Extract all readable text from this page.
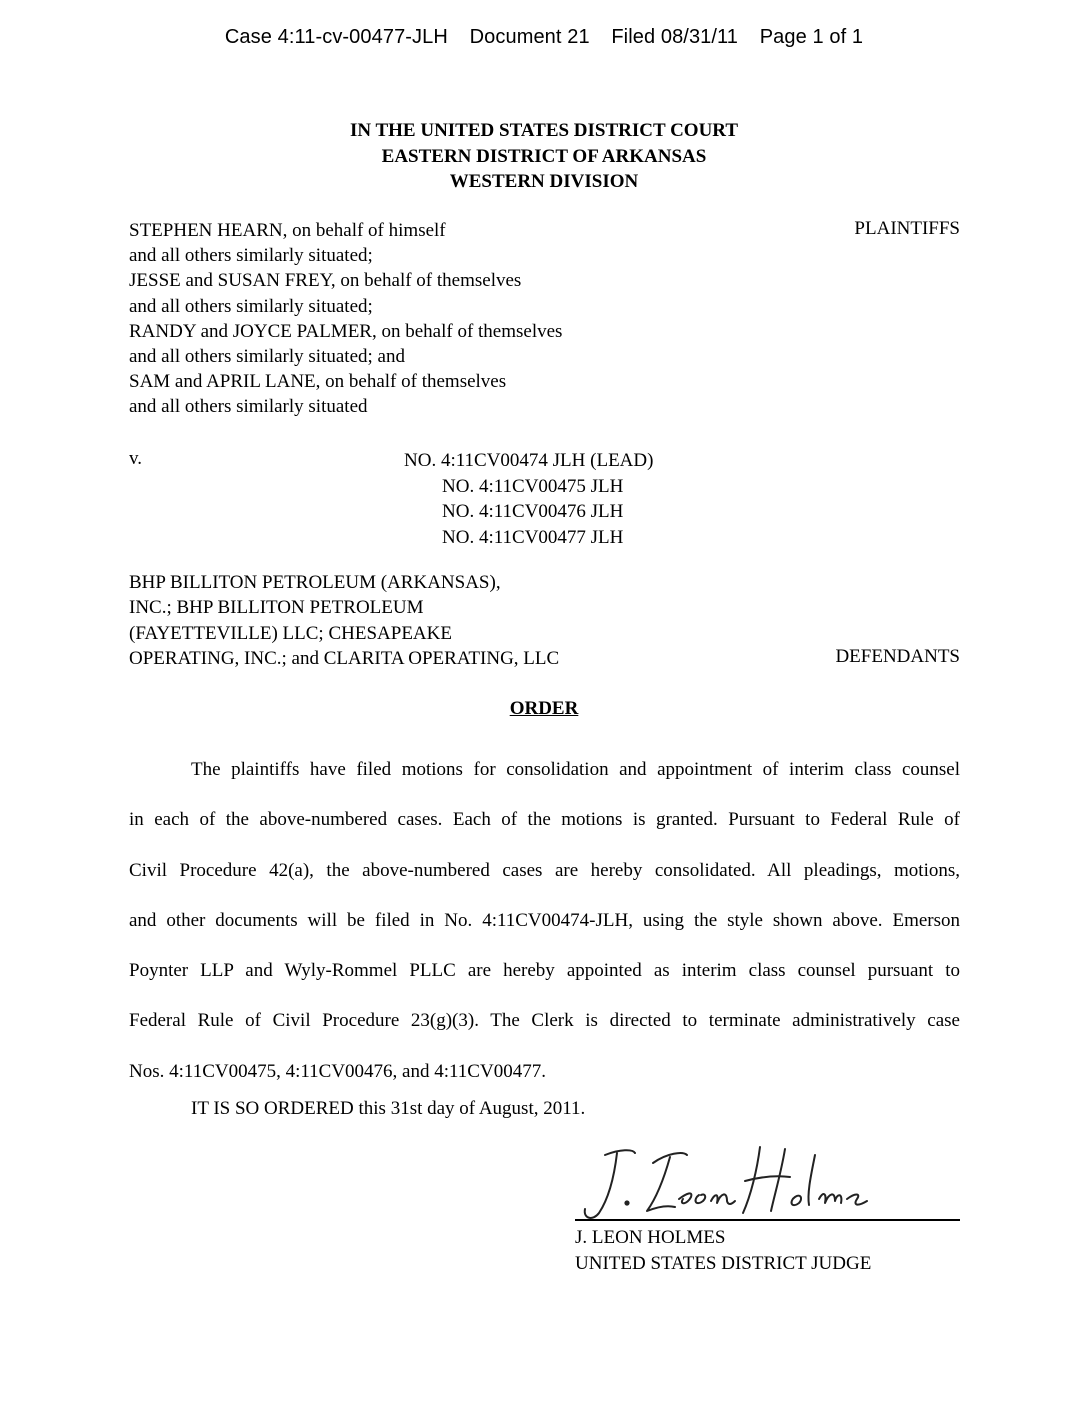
Case 4:11-cv-00477-JLH Document 21 Filed 08/31/11 Page 1 of 1
IN THE UNITED STATES DISTRICT COURT
EASTERN DISTRICT OF ARKANSAS
WESTERN DIVISION
STEPHEN HEARN, on behalf of himself
and all others similarly situated;
JESSE and SUSAN FREY, on behalf of themselves
and all others similarly situated;
RANDY and JOYCE PALMER, on behalf of themselves
and all others similarly situated; and
SAM and APRIL LANE, on behalf of themselves
and all others similarly situated
PLAINTIFFS
v.	NO. 4:11CV00474 JLH (LEAD)
NO. 4:11CV00475 JLH
NO. 4:11CV00476 JLH
NO. 4:11CV00477 JLH
BHP BILLITON PETROLEUM (ARKANSAS),
INC.; BHP BILLITON PETROLEUM
(FAYETTEVILLE) LLC; CHESAPEAKE
OPERATING, INC.; and CLARITA OPERATING, LLC	DEFENDANTS
ORDER
The plaintiffs have filed motions for consolidation and appointment of interim class counsel
in each of the above-numbered cases. Each of the motions is granted. Pursuant to Federal Rule of
Civil Procedure 42(a), the above-numbered cases are hereby consolidated. All pleadings, motions,
and other documents will be filed in No. 4:11CV00474-JLH, using the style shown above. Emerson
Poynter LLP and Wyly-Rommel PLLC are hereby appointed as interim class counsel pursuant to
Federal Rule of Civil Procedure 23(g)(3). The Clerk is directed to terminate administratively case
Nos. 4:11CV00475, 4:11CV00476, and 4:11CV00477.
IT IS SO ORDERED this 31st day of August, 2011.
J. LEON HOLMES
UNITED STATES DISTRICT JUDGE
